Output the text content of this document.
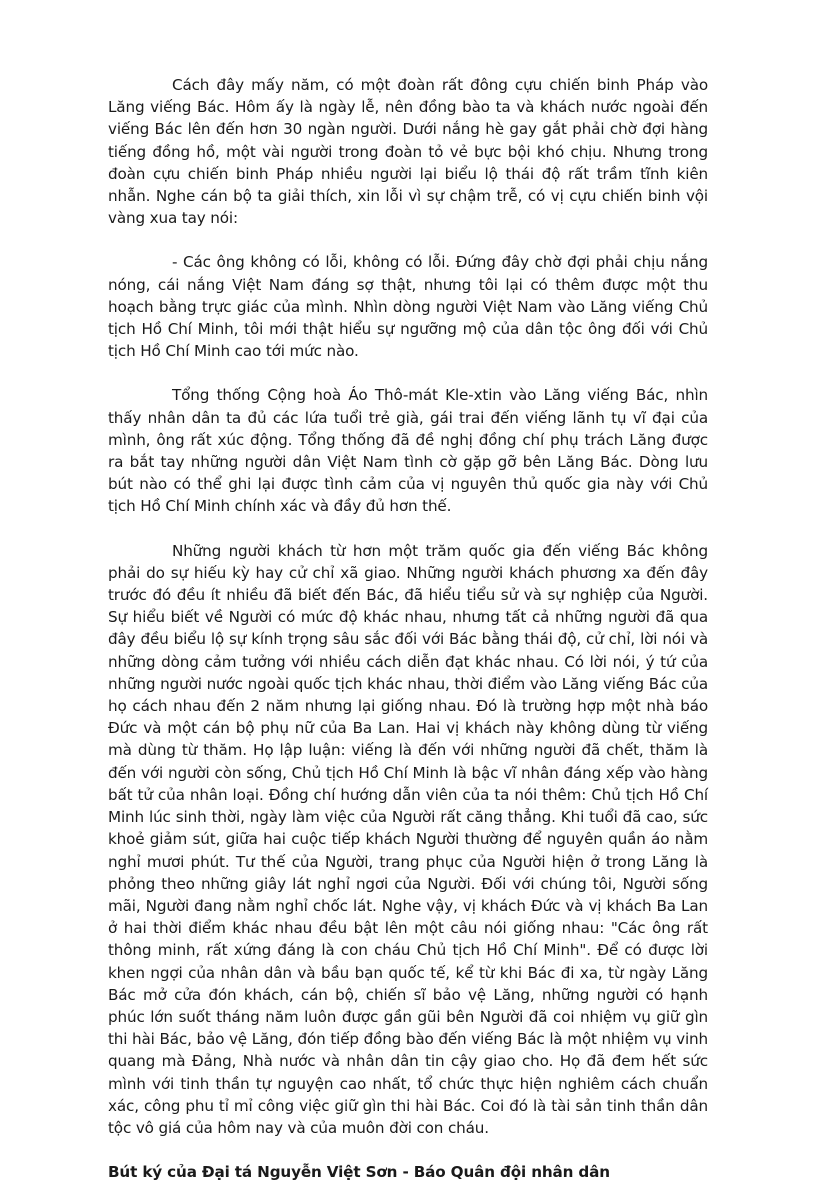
Cách đây mấy năm, có một đoàn rất đông cựu chiến binh Pháp vào Lăng viếng Bác. Hôm ấy là ngày lễ, nên đồng bào ta và khách nước ngoài đến viếng Bác lên đến hơn 30 ngàn người. Dưới nắng hè gay gắt phải chờ đợi hàng tiếng đồng hồ, một vài người trong đoàn tỏ vẻ bực bội khó chịu. Nhưng trong đoàn cựu chiến binh Pháp nhiều người lại biểu lộ thái độ rất trầm tĩnh kiên nhẫn. Nghe cán bộ ta giải thích, xin lỗi vì sự chậm trễ, có vị cựu chiến binh vội vàng xua tay nói:

- Các ông không có lỗi, không có lỗi. Đứng đây chờ đợi phải chịu nắng nóng, cái nắng Việt Nam đáng sợ thật, nhưng tôi lại có thêm được một thu hoạch bằng trực giác của mình. Nhìn dòng người Việt Nam vào Lăng viếng Chủ tịch Hồ Chí Minh, tôi mới thật hiểu sự ngưỡng mộ của dân tộc ông đối với Chủ tịch Hồ Chí Minh cao tới mức nào.

Tổng thống Cộng hoà Áo Thô-mát Kle-xtin vào Lăng viếng Bác, nhìn thấy nhân dân ta đủ các lứa tuổi trẻ già, gái trai đến viếng lãnh tụ vĩ đại của mình, ông rất xúc động. Tổng thống đã đề nghị đồng chí phụ trách Lăng được ra bắt tay những người dân Việt Nam tình cờ gặp gỡ bên Lăng Bác. Dòng lưu bút nào có thể ghi lại được tình cảm của vị nguyên thủ quốc gia này với Chủ tịch Hồ Chí Minh chính xác và đầy đủ hơn thế.

Những người khách từ hơn một trăm quốc gia đến viếng Bác không phải do sự hiếu kỳ hay cử chỉ xã giao. Những người khách phương xa đến đây trước đó đều ít nhiều đã biết đến Bác, đã hiểu tiểu sử và sự nghiệp của Người. Sự hiểu biết về Người có mức độ khác nhau, nhưng tất cả những người đã qua đây đều biểu lộ sự kính trọng sâu sắc đối với Bác bằng thái độ, cử chỉ, lời nói và những dòng cảm tưởng với nhiều cách diễn đạt khác nhau. Có lời nói, ý tứ của những người nước ngoài quốc tịch khác nhau, thời điểm vào Lăng viếng Bác của họ cách nhau đến 2 năm nhưng lại giống nhau. Đó là trường hợp một nhà báo Đức và một cán bộ phụ nữ của Ba Lan. Hai vị khách này không dùng từ viếng mà dùng từ thăm. Họ lập luận: viếng là đến với những người đã chết, thăm là đến với người còn sống, Chủ tịch Hồ Chí Minh là bậc vĩ nhân đáng xếp vào hàng bất tử của nhân loại. Đồng chí hướng dẫn viên của ta nói thêm: Chủ tịch Hồ Chí Minh lúc sinh thời, ngày làm việc của Người rất căng thẳng. Khi tuổi đã cao, sức khoẻ giảm sút, giữa hai cuộc tiếp khách Người thường để nguyên quần áo nằm nghỉ mươi phút. Tư thế của Người, trang phục của Người hiện ở trong Lăng là phỏng theo những giây lát nghỉ ngơi của Người. Đối với chúng tôi, Người sống mãi, Người đang nằm nghỉ chốc lát. Nghe vậy, vị khách Đức và vị khách Ba Lan ở hai thời điểm khác nhau đều bật lên một câu nói giống nhau: "Các ông rất thông minh, rất xứng đáng là con cháu Chủ tịch Hồ Chí Minh". Để có được lời khen ngợi của nhân dân và bầu bạn quốc tế, kể từ khi Bác đi xa, từ ngày Lăng Bác mở cửa đón khách, cán bộ, chiến sĩ bảo vệ Lăng, những người có hạnh phúc lớn suốt tháng năm luôn được gần gũi bên Người đã coi nhiệm vụ giữ gìn thi hài Bác, bảo vệ Lăng, đón tiếp đồng bào đến viếng Bác là một nhiệm vụ vinh quang mà Đảng, Nhà nước và nhân dân tin cậy giao cho. Họ đã đem hết sức mình với tinh thần tự nguyện cao nhất, tổ chức thực hiện nghiêm cách chuẩn xác, công phu tỉ mỉ công việc giữ gìn thi hài Bác. Coi đó là tài sản tinh thần dân tộc vô giá của hôm nay và của muôn đời con cháu.

Bút ký của Đại tá Nguyễn Việt Sơn - Báo Quân đội nhân dân
